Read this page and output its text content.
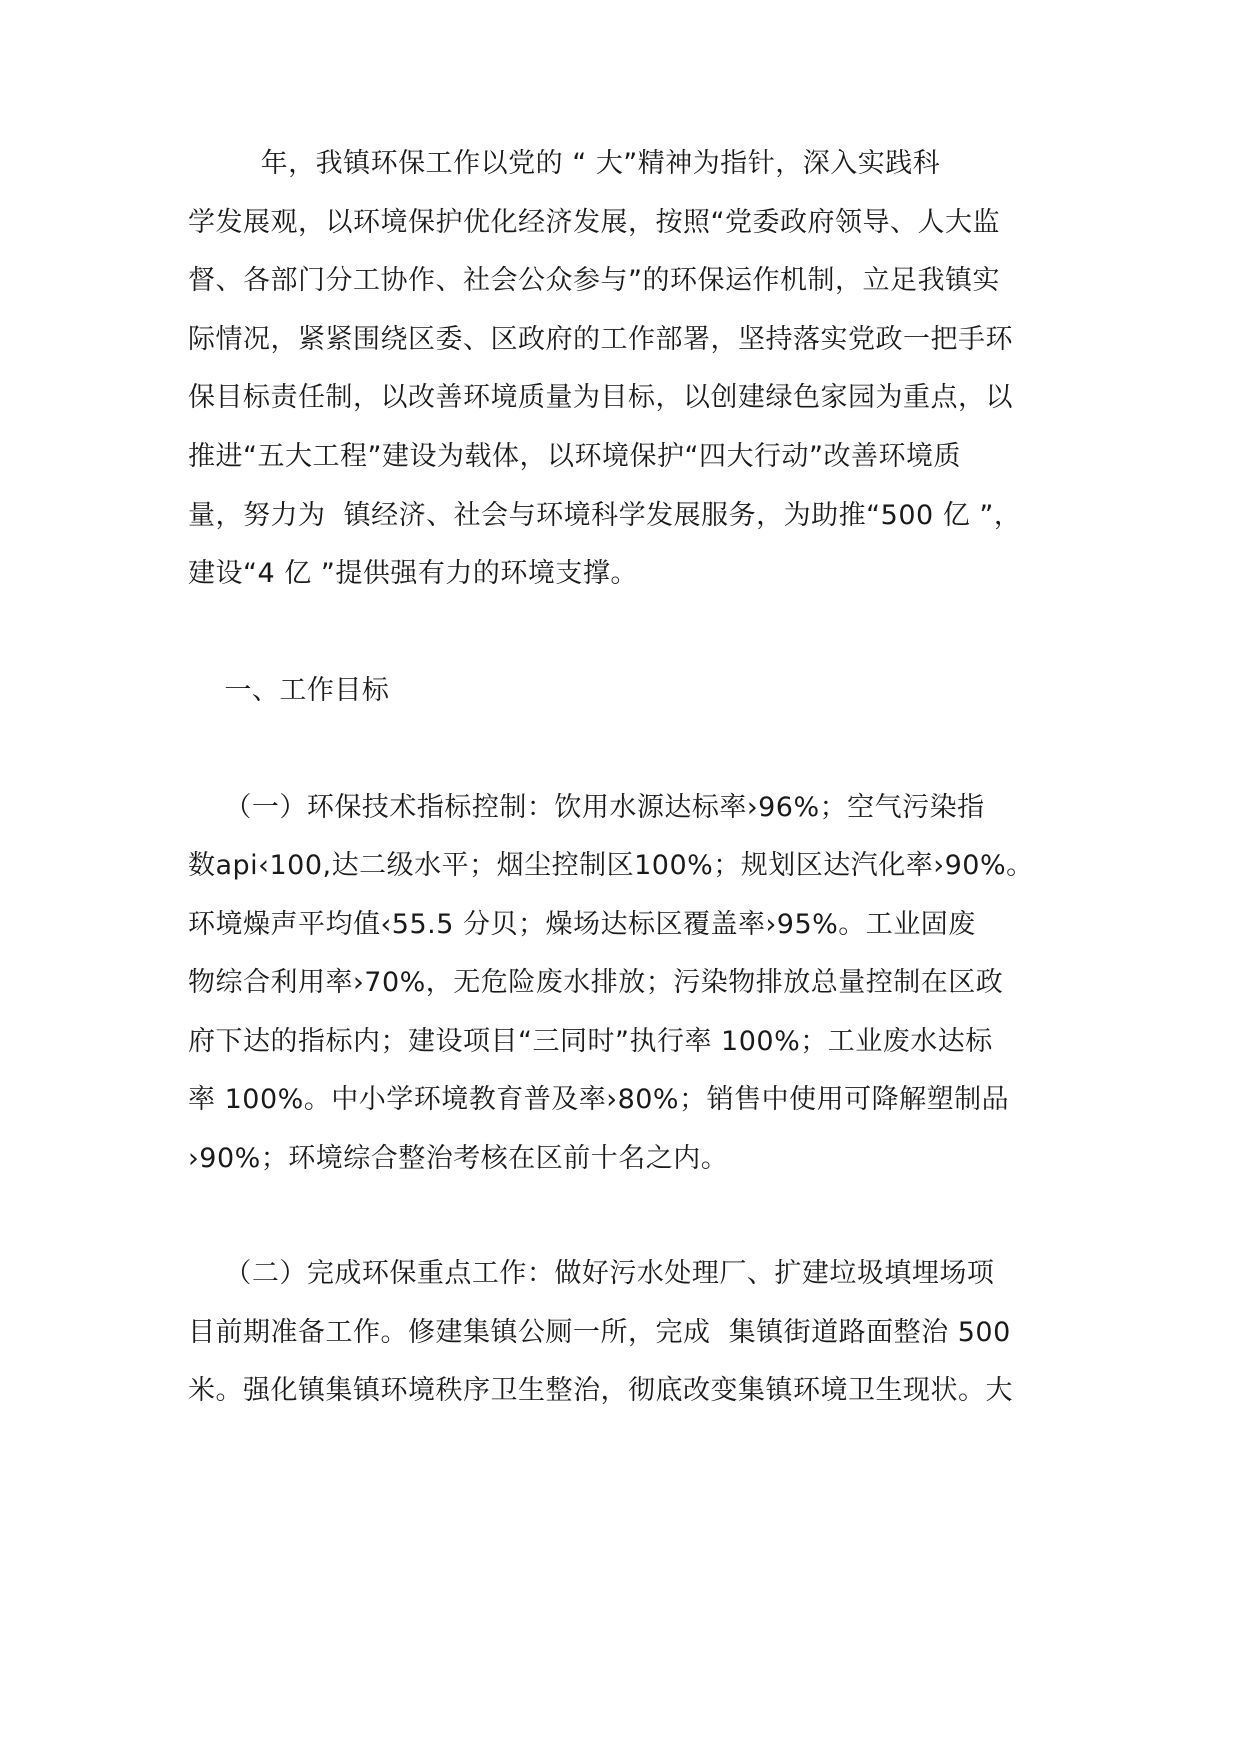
年，我镇环保工作以党的 “ 大”精神为指针，深入实践科
学发展观，以环境保护优化经济发展，按照“党委政府领导、人大监
督、各部门分工协作、社会公众参与”的环保运作机制，立足我镇实
际情况，紧紧围绕区委、区政府的工作部署，坚持落实党政一把手环
保目标责任制，以改善环境质量为目标，以创建绿色家园为重点，以
推进“五大工程”建设为载体，以环境保护“四大行动”改善环境质
量，努力为  镇经济、社会与环境科学发展服务，为助推“500 亿 ”，
建设“4 亿 ”提供强有力的环境支撑。
一、工作目标
（一）环保技术指标控制：饮用水源达标率›96%；空气污染指
数api‹100,达二级水平；烟尘控制区100%；规划区达汽化率›90%。
环境燥声平均值‹55.5 分贝；燥场达标区覆盖率›95%。工业固废
物综合利用率›70%，无危险废水排放；污染物排放总量控制在区政
府下达的指标内；建设项目“三同时”执行率 100%；工业废水达标
率 100%。中小学环境教育普及率›80%；销售中使用可降解塑制品
›90%；环境综合整治考核在区前十名之内。
（二）完成环保重点工作：做好污水处理厂、扩建垃圾填埋场项
目前期准备工作。修建集镇公厕一所，完成  集镇街道路面整治 500
米。强化镇集镇环境秩序卫生整治，彻底改变集镇环境卫生现状。大
